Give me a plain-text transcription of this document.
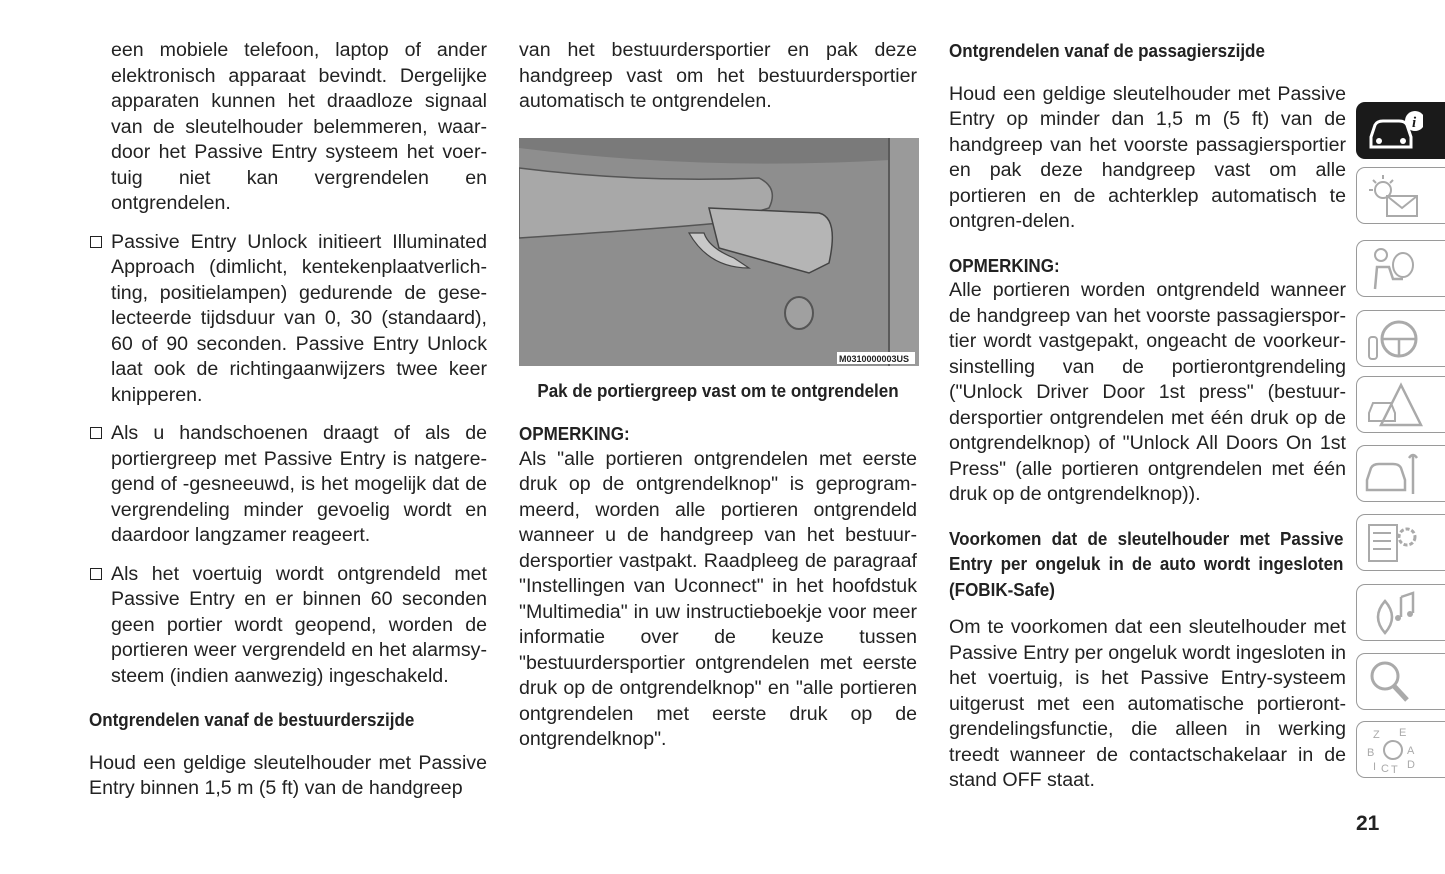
een mobiele telefoon, laptop of ander elektronisch apparaat bevindt. Dergelijke apparaten kunnen het draadloze signaal van de sleutelhouder belemmeren, waar-door het Passive Entry systeem het voer-tuig niet kan vergrendelen en ontgrendelen.

Passive Entry Unlock initieert Illuminated Approach (dimlicht, kentekenplaatverlich-ting, positielampen) gedurende de gese-lecteerde tijdsduur van 0, 30 (standaard), 60 of 90 seconden. Passive Entry Unlock laat ook de richtingaanwijzers twee keer knipperen.

Als u handschoenen draagt of als de portiergreep met Passive Entry is natgere-gend of -gesneeuwd, is het mogelijk dat de vergrendeling minder gevoelig wordt en daardoor langzamer reageert.

Als het voertuig wordt ontgrendeld met Passive Entry en er binnen 60 seconden geen portier wordt geopend, worden de portieren weer vergrendeld en het alarmsy-steem (indien aanwezig) ingeschakeld.

Ontgrendelen vanaf de bestuurderszijde

Houd een geldige sleutelhouder met Passive Entry binnen 1,5 m (5 ft) van de handgreep

van het bestuurdersportier en pak deze handgreep vast om het bestuurdersportier automatisch te ontgrendelen.

M0310000003US

Pak de portiergreep vast om te ontgrendelen

OPMERKING:

Als "alle portieren ontgrendelen met eerste druk op de ontgrendelknop" is geprogram-meerd, worden alle portieren ontgrendeld wanneer u de handgreep van het bestuur-dersportier vastpakt. Raadpleeg de paragraaf "Instellingen van Uconnect" in het hoofdstuk "Multimedia" in uw instructieboekje voor meer informatie over de keuze tussen "bestuurdersportier ontgrendelen met eerste druk op de ontgrendelknop" en "alle portieren ontgrendelen met eerste druk op de ontgrendelknop".

Ontgrendelen vanaf de passagierszijde

Houd een geldige sleutelhouder met Passive Entry op minder dan 1,5 m (5 ft) van de handgreep van het voorste passagiersportier en pak deze handgreep vast om alle portieren en de achterklep automatisch te ontgren-delen.

OPMERKING:

Alle portieren worden ontgrendeld wanneer de handgreep van het voorste passagierspor-tier wordt vastgepakt, ongeacht de voorkeur-sinstelling van de portierontgrendeling ("Unlock Driver Door 1st press" (bestuur-dersportier ontgrendelen met één druk op de ontgrendelknop) of "Unlock All Doors On 1st Press" (alle portieren ontgrendelen met één druk op de ontgrendelknop)).

Voorkomen dat de sleutelhouder met Passive Entry per ongeluk in de auto wordt ingesloten (FOBIK-Safe)

Om te voorkomen dat een sleutelhouder met Passive Entry per ongeluk wordt ingesloten in het voertuig, is het Passive Entry-systeem uitgerust met een automatische portieront-grendelingsfunctie, die alleen in werking treedt wanneer de contactschakelaar in de stand OFF staat.

i
Z E
B	A
I C T D
21
